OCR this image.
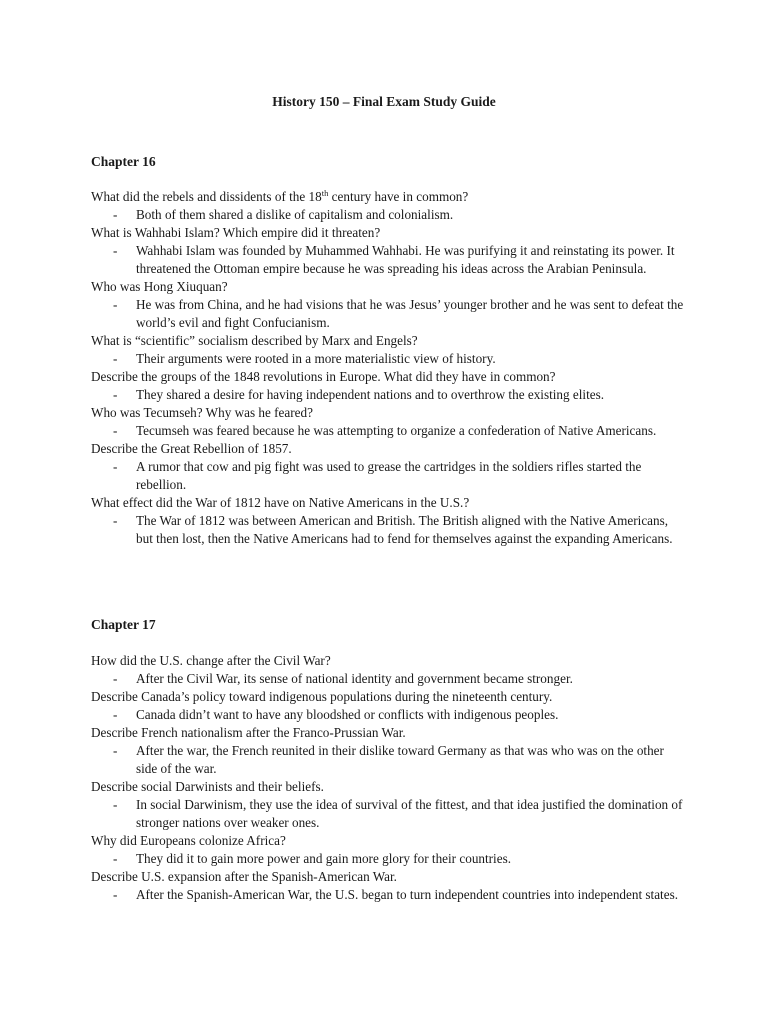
History 150 – Final Exam Study Guide
Chapter 16
What did the rebels and dissidents of the 18th century have in common?
-	Both of them shared a dislike of capitalism and colonialism.
What is Wahhabi Islam? Which empire did it threaten?
-	Wahhabi Islam was founded by Muhammed Wahhabi. He was purifying it and reinstating its power. It threatened the Ottoman empire because he was spreading his ideas across the Arabian Peninsula.
Who was Hong Xiuquan?
-	He was from China, and he had visions that he was Jesus’ younger brother and he was sent to defeat the world’s evil and fight Confucianism.
What is “scientific” socialism described by Marx and Engels?
-	Their arguments were rooted in a more materialistic view of history.
Describe the groups of the 1848 revolutions in Europe. What did they have in common?
-	They shared a desire for having independent nations and to overthrow the existing elites.
Who was Tecumseh? Why was he feared?
-	Tecumseh was feared because he was attempting to organize a confederation of Native Americans.
Describe the Great Rebellion of 1857.
-	A rumor that cow and pig fight was used to grease the cartridges in the soldiers rifles started the rebellion.
What effect did the War of 1812 have on Native Americans in the U.S.?
-	The War of 1812 was between American and British. The British aligned with the Native Americans, but then lost, then the Native Americans had to fend for themselves against the expanding Americans.
Chapter 17
How did the U.S. change after the Civil War?
-	After the Civil War, its sense of national identity and government became stronger.
Describe Canada’s policy toward indigenous populations during the nineteenth century.
-	Canada didn’t want to have any bloodshed or conflicts with indigenous peoples.
Describe French nationalism after the Franco-Prussian War.
-	After the war, the French reunited in their dislike toward Germany as that was who was on the other side of the war.
Describe social Darwinists and their beliefs.
-	In social Darwinism, they use the idea of survival of the fittest, and that idea justified the domination of stronger nations over weaker ones.
Why did Europeans colonize Africa?
-	They did it to gain more power and gain more glory for their countries.
Describe U.S. expansion after the Spanish-American War.
-	After the Spanish-American War, the U.S. began to turn independent countries into independent states.
